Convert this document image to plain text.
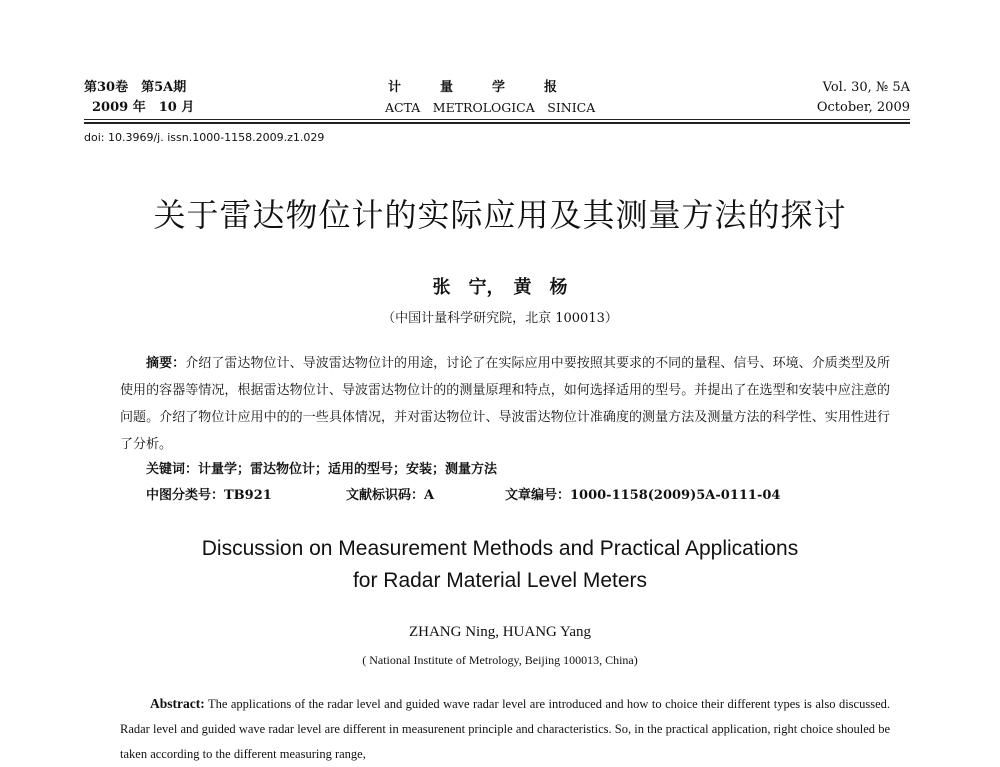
第30卷　第5A期
2009 年　10 月
计　　　量　　　学　　　报
ACTA　METROLOGICA　SINICA
Vol. 30, № 5A
October, 2009
doi: 10.3969/j. issn.1000-1158.2009.z1.029
关于雷达物位计的实际应用及其测量方法的探讨
张　宁，　黄　杨
（中国计量科学研究院，北京 100013）
摘要：介绍了雷达物位计、导波雷达物位计的用途，讨论了在实际应用中要按照其要求的不同的量程、信号、环境、介质类型及所使用的容器等情况，根据雷达物位计、导波雷达物位计的的测量原理和特点，如何选择适用的型号。并提出了在选型和安装中应注意的问题。介绍了物位计应用中的的一些具体情况，并对雷达物位计、导波雷达物位计准确度的测量方法及测量方法的科学性、实用性进行了分析。
关键词：计量学；雷达物位计；适用的型号；安装；测量方法
中图分类号：TB921	文献标识码：A	文章编号：1000-1158(2009)5A-0111-04
Discussion on Measurement Methods and Practical Applications
for Radar Material Level Meters
ZHANG Ning, HUANG Yang
( National Institute of Metrology, Beijing 100013, China)
Abstract: The applications of the radar level and guided wave radar level are introduced and how to choice their different types is also discussed. Radar level and guided wave radar level are different in measurenent principle and characteristics. So, in the practical application, right choice shouled be taken according to the different measuring range,
